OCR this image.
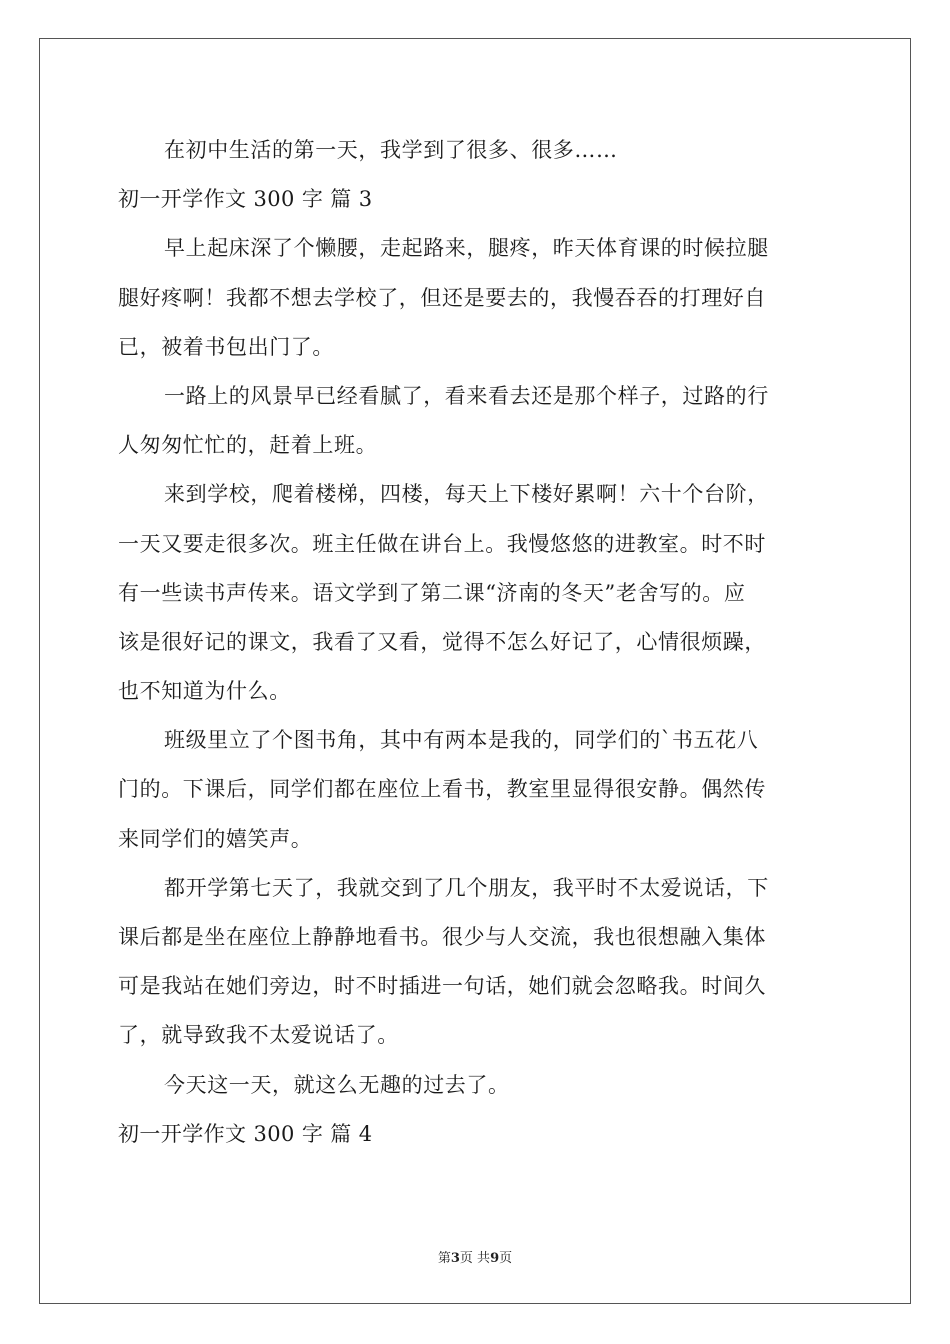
在初中生活的第一天，我学到了很多、很多……
初一开学作文 300 字 篇 3
早上起床深了个懒腰，走起路来，腿疼，昨天体育课的时候拉腿
腿好疼啊！我都不想去学校了，但还是要去的，我慢吞吞的打理好自
已，被着书包出门了。
一路上的风景早已经看腻了，看来看去还是那个样子，过路的行
人匆匆忙忙的，赶着上班。
来到学校，爬着楼梯，四楼，每天上下楼好累啊！六十个台阶，
一天又要走很多次。班主任做在讲台上。我慢悠悠的进教室。时不时
有一些读书声传来。语文学到了第二课“济南的冬天”老舍写的。应
该是很好记的课文，我看了又看，觉得不怎么好记了，心情很烦躁，
也不知道为什么。
班级里立了个图书角，其中有两本是我的，同学们的`书五花八
门的。下课后，同学们都在座位上看书，教室里显得很安静。偶然传
来同学们的嬉笑声。
都开学第七天了，我就交到了几个朋友，我平时不太爱说话，下
课后都是坐在座位上静静地看书。很少与人交流，我也很想融入集体
可是我站在她们旁边，时不时插进一句话，她们就会忽略我。时间久
了，就导致我不太爱说话了。
今天这一天，就这么无趣的过去了。
初一开学作文 300 字 篇 4
第3页 共9页
